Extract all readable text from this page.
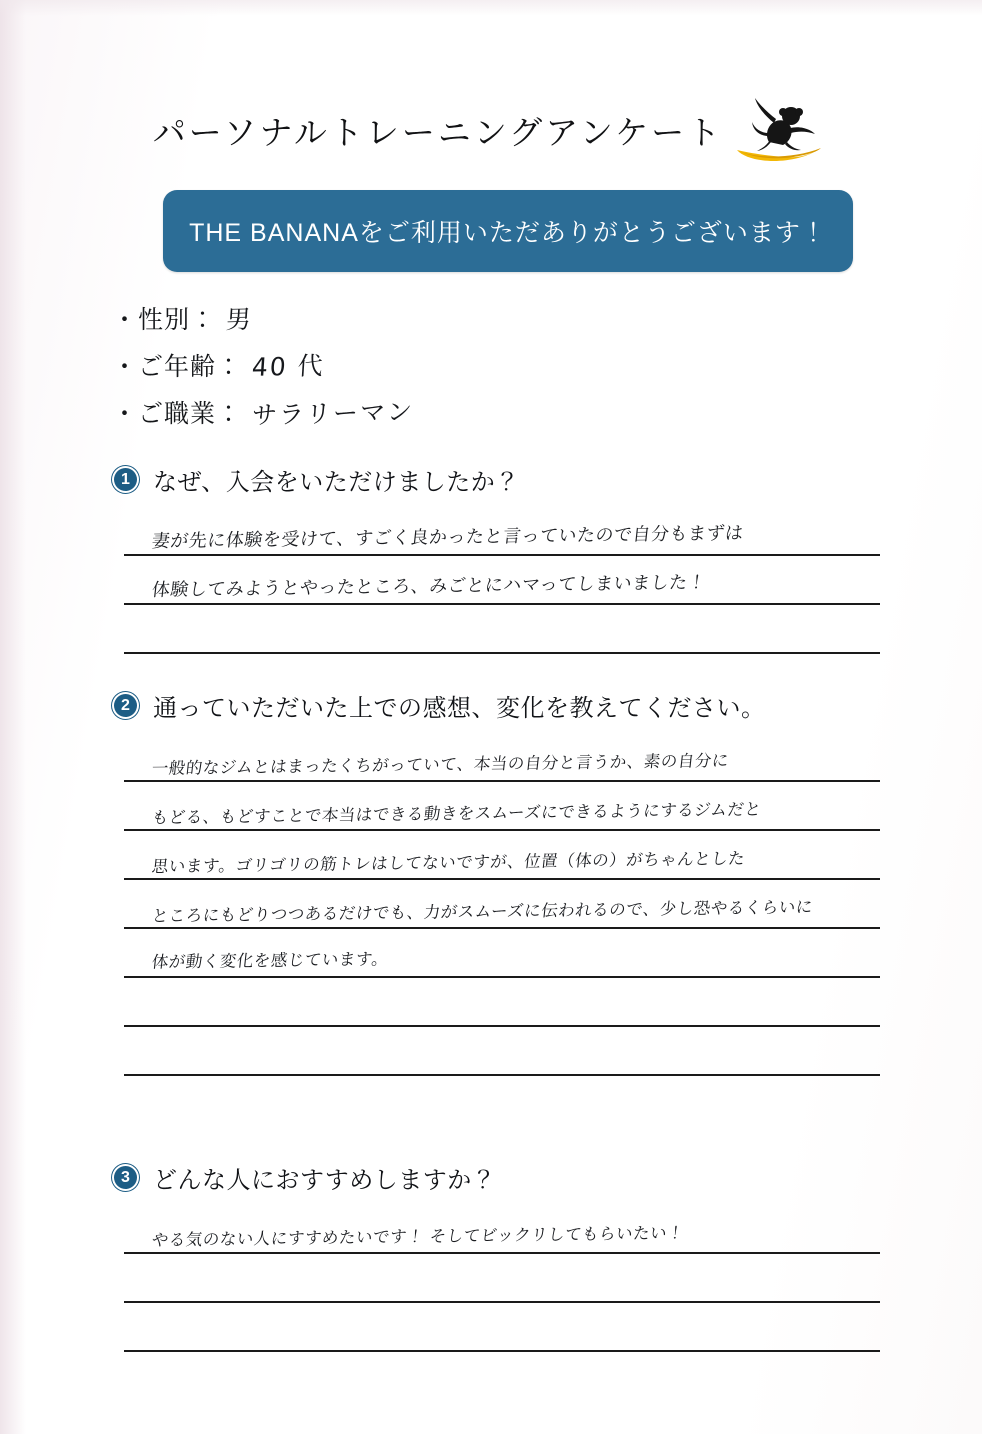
パーソナルトレーニングアンケート
THE BANANAをご利用いただありがとうございます！
・性別： 男
・ご年齢： 40 代
・ご職業： サラリーマン
1 なぜ、入会をいただけましたか？
妻が先に体験を受けて、すごく良かったと言っていたので自分もまずは
体験してみようとやったところ、みごとにハマってしまいました！
2 通っていただいた上での感想、変化を教えてください。
一般的なジムとはまったくちがっていて、本当の自分と言うか、素の自分に
もどる、もどすことで本当はできる動きをスムーズにできるようにするジムだと
思います。ゴリゴリの筋トレはしてないですが、位置（体の）がちゃんとした
ところにもどりつつあるだけでも、力がスムーズに伝われるので、少し恐やるくらいに
体が動く変化を感じています。
3 どんな人におすすめしますか？
やる気のない人にすすめたいです！ そしてビックリしてもらいたい！
